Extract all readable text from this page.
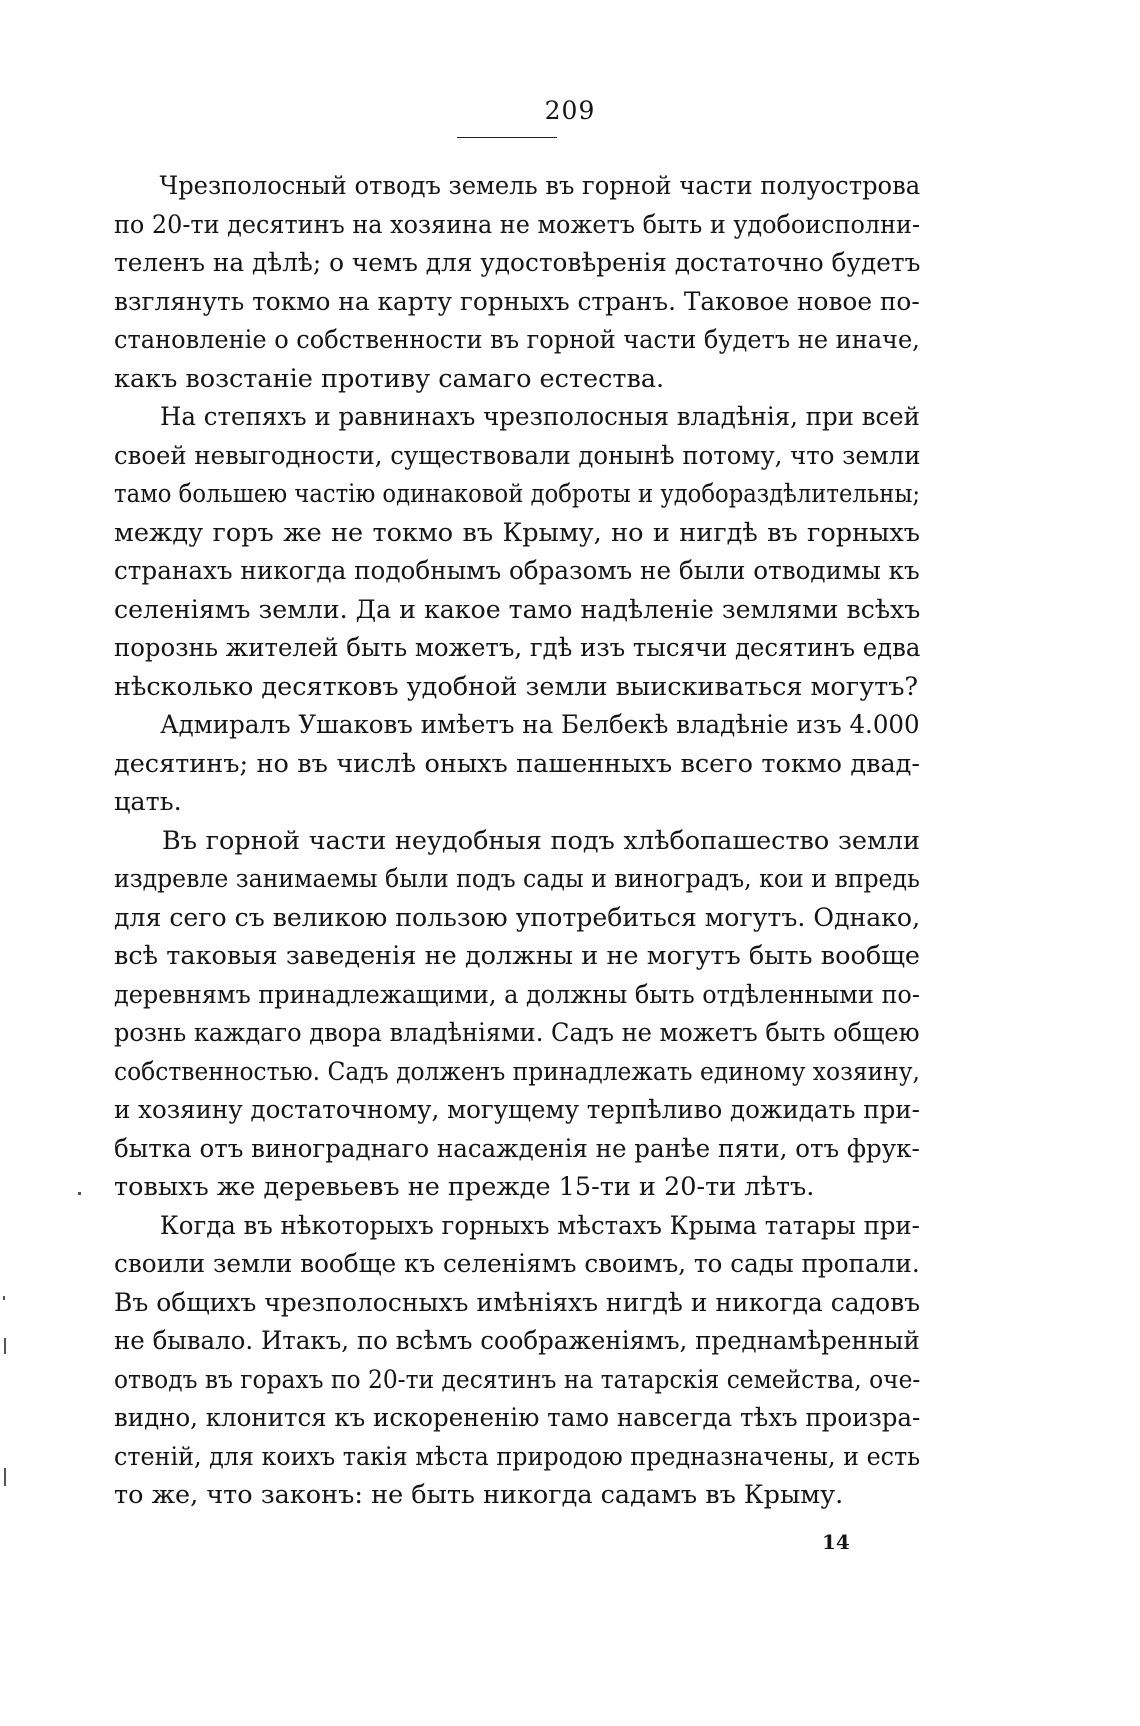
209
Чрезполосный отводъ земель въ горной части полуострова
по 20-ти десятинъ на хозяина не можетъ быть и удобоисполни-
теленъ на дѣлѣ; о чемъ для удостовѣренія достаточно будетъ
взглянуть токмо на карту горныхъ странъ. Таковое новое по-
становленіе о собственности въ горной части будетъ не иначе,
какъ возстаніе противу самаго естества.
На степяхъ и равнинахъ чрезполосныя владѣнія, при всей
своей невыгодности, существовали донынѣ потому, что земли
тамо большею частію одинаковой доброты и удобораздѣлительны;
между горъ же не токмо въ Крыму, но и нигдѣ въ горныхъ
странахъ никогда подобнымъ образомъ не были отводимы къ
селеніямъ земли. Да и какое тамо надѣленіе землями всѣхъ
порознь жителей быть можетъ, гдѣ изъ тысячи десятинъ едва
нѣсколько десятковъ удобной земли выискиваться могутъ?
Адмиралъ Ушаковъ имѣетъ на Белбекѣ владѣніе изъ 4.000
десятинъ; но въ числѣ оныхъ пашенныхъ всего токмо двад-
цать.
Въ горной части неудобныя подъ хлѣбопашество земли
издревле занимаемы были подъ сады и виноградъ, кои и впредь
для сего съ великою пользою употребиться могутъ. Однако,
всѣ таковыя заведенія не должны и не могутъ быть вообще
деревнямъ принадлежащими, а должны быть отдѣленными по-
рознь каждаго двора владѣніями. Садъ не можетъ быть общею
собственностью. Садъ долженъ принадлежать единому хозяину,
и хозяину достаточному, могущему терпѣливо дожидать при-
бытка отъ винограднаго насажденія не ранѣе пяти, отъ фрук-
товыхъ же деревьевъ не прежде 15-ти и 20-ти лѣтъ.
Когда въ нѣкоторыхъ горныхъ мѣстахъ Крыма татары при-
своили земли вообще къ селеніямъ своимъ, то сады пропали.
Въ общихъ чрезполосныхъ имѣніяхъ нигдѣ и никогда садовъ
не бывало. Итакъ, по всѣмъ соображеніямъ, преднамѣренный
отводъ въ горахъ по 20-ти десятинъ на татарскія семейства, оче-
видно, клонится къ искорененію тамо навсегда тѣхъ произра-
стеній, для коихъ такія мѣста природою предназначены, и есть
то же, что законъ: не быть никогда садамъ въ Крыму.
14
